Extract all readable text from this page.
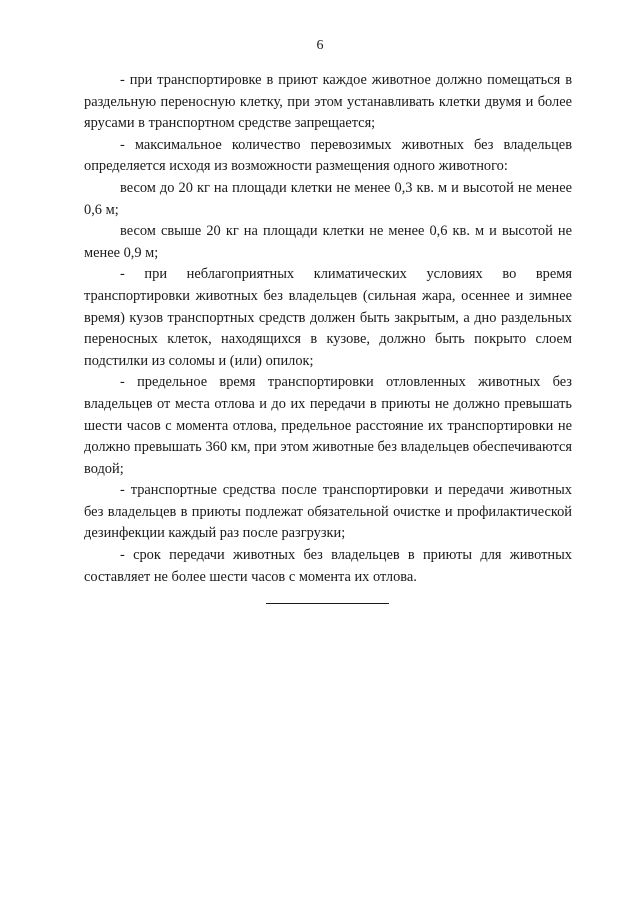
6

- при транспортировке в приют каждое животное должно помещаться в раздельную переносную клетку, при этом устанавливать клетки двумя и более ярусами в транспортном средстве запрещается;

- максимальное количество перевозимых животных без владельцев определяется исходя из возможности размещения одного животного:

весом до 20 кг на площади клетки не менее 0,3 кв. м и высотой не менее 0,6 м;

весом свыше 20 кг на площади клетки не менее 0,6 кв. м и высотой не менее 0,9 м;

- при неблагоприятных климатических условиях во время транспортировки животных без владельцев (сильная жара, осеннее и зимнее время) кузов транспортных средств должен быть закрытым, а дно раздельных переносных клеток, находящихся в кузове, должно быть покрыто слоем подстилки из соломы и (или) опилок;

- предельное время транспортировки отловленных животных без владельцев от места отлова и до их передачи в приюты не должно превышать шести часов с момента отлова, предельное расстояние их транспортировки не должно превышать 360 км, при этом животные без владельцев обеспечиваются водой;

- транспортные средства после транспортировки и передачи животных без владельцев в приюты подлежат обязательной очистке и профилактической дезинфекции каждый раз после разгрузки;

- срок передачи животных без владельцев в приюты для животных составляет не более шести часов с момента их отлова.
